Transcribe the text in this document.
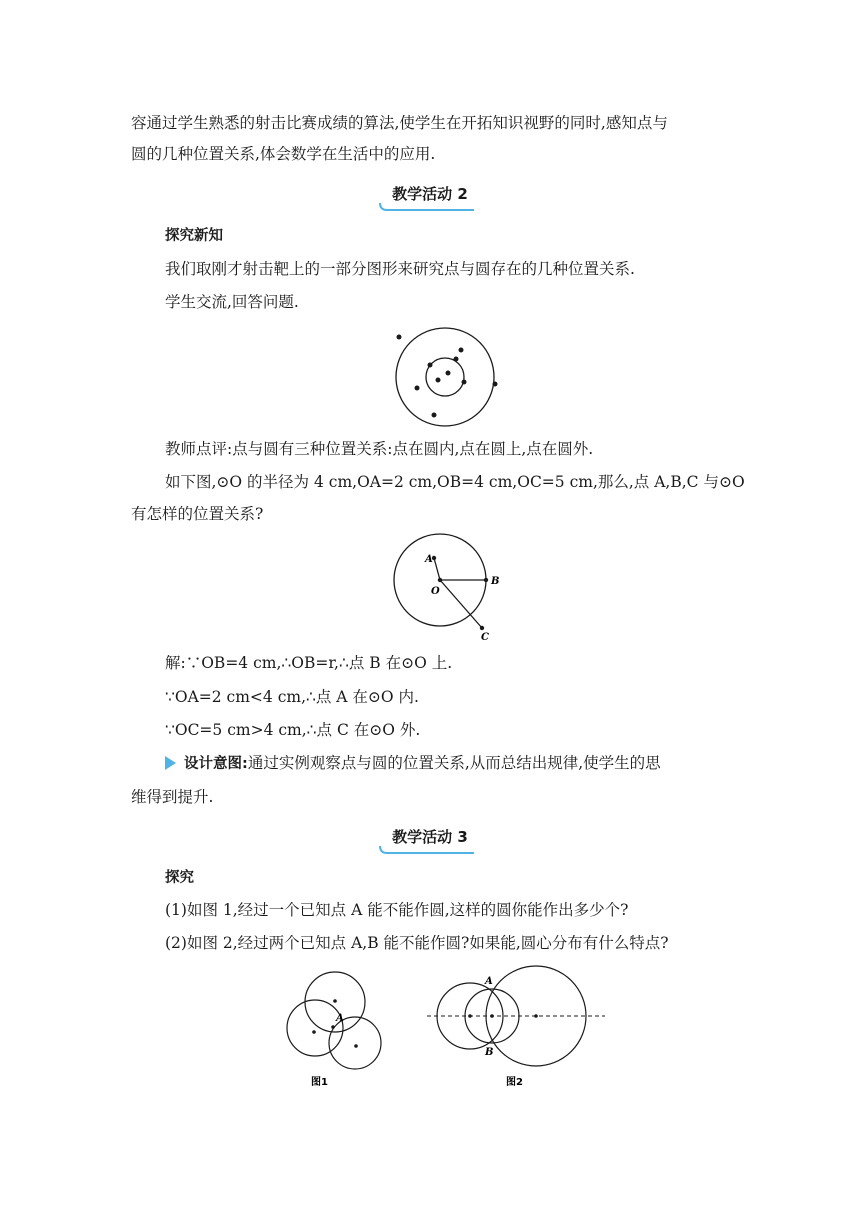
容通过学生熟悉的射击比赛成绩的算法,使学生在开拓知识视野的同时,感知点与
圆的几种位置关系,体会数学在生活中的应用.
教学活动 2
探究新知
我们取刚才射击靶上的一部分图形来研究点与圆存在的几种位置关系.
学生交流,回答问题.
教师点评:点与圆有三种位置关系:点在圆内,点在圆上,点在圆外.
如下图,⊙O 的半径为 4 cm,OA=2 cm,OB=4 cm,OC=5 cm,那么,点 A,B,C 与⊙O
有怎样的位置关系?
A
B
O
C
解:∵OB=4 cm,∴OB=r,∴点 B 在⊙O 上.
∵OA=2 cm<4 cm,∴点 A 在⊙O 内.
∵OC=5 cm>4 cm,∴点 C 在⊙O 外.
设计意图:通过实例观察点与圆的位置关系,从而总结出规律,使学生的思
维得到提升.
教学活动 3
探究
(1)如图 1,经过一个已知点 A 能不能作圆,这样的圆你能作出多少个?
(2)如图 2,经过两个已知点 A,B 能不能作圆?如果能,圆心分布有什么特点?
A
图1
A
B
图2
